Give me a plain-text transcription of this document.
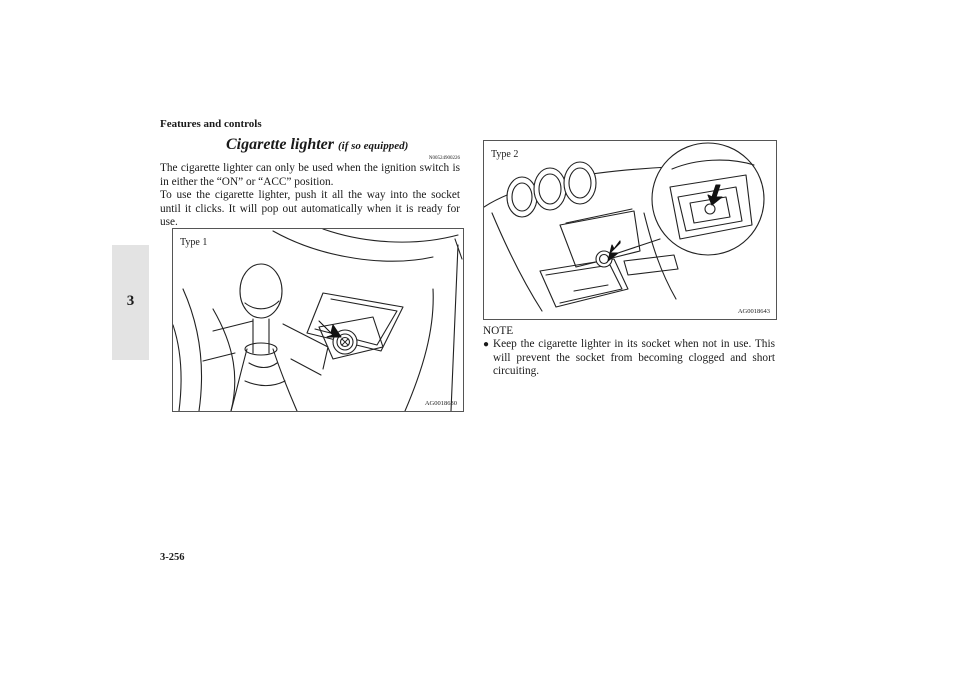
Features and controls
3
Cigarette lighter (if so equipped)
N00524900226

The cigarette lighter can only be used when the ignition switch is in either the “ON” or “ACC” position.

To use the cigarette lighter, push it all the way into the socket until it clicks. It will pop out automatically when it is ready for use.

Type 1
AG0018630
Type 2
AG0018643
NOTE
● Keep the cigarette lighter in its socket when not in use. This will prevent the socket from becoming clogged and short circuiting.
3-256
